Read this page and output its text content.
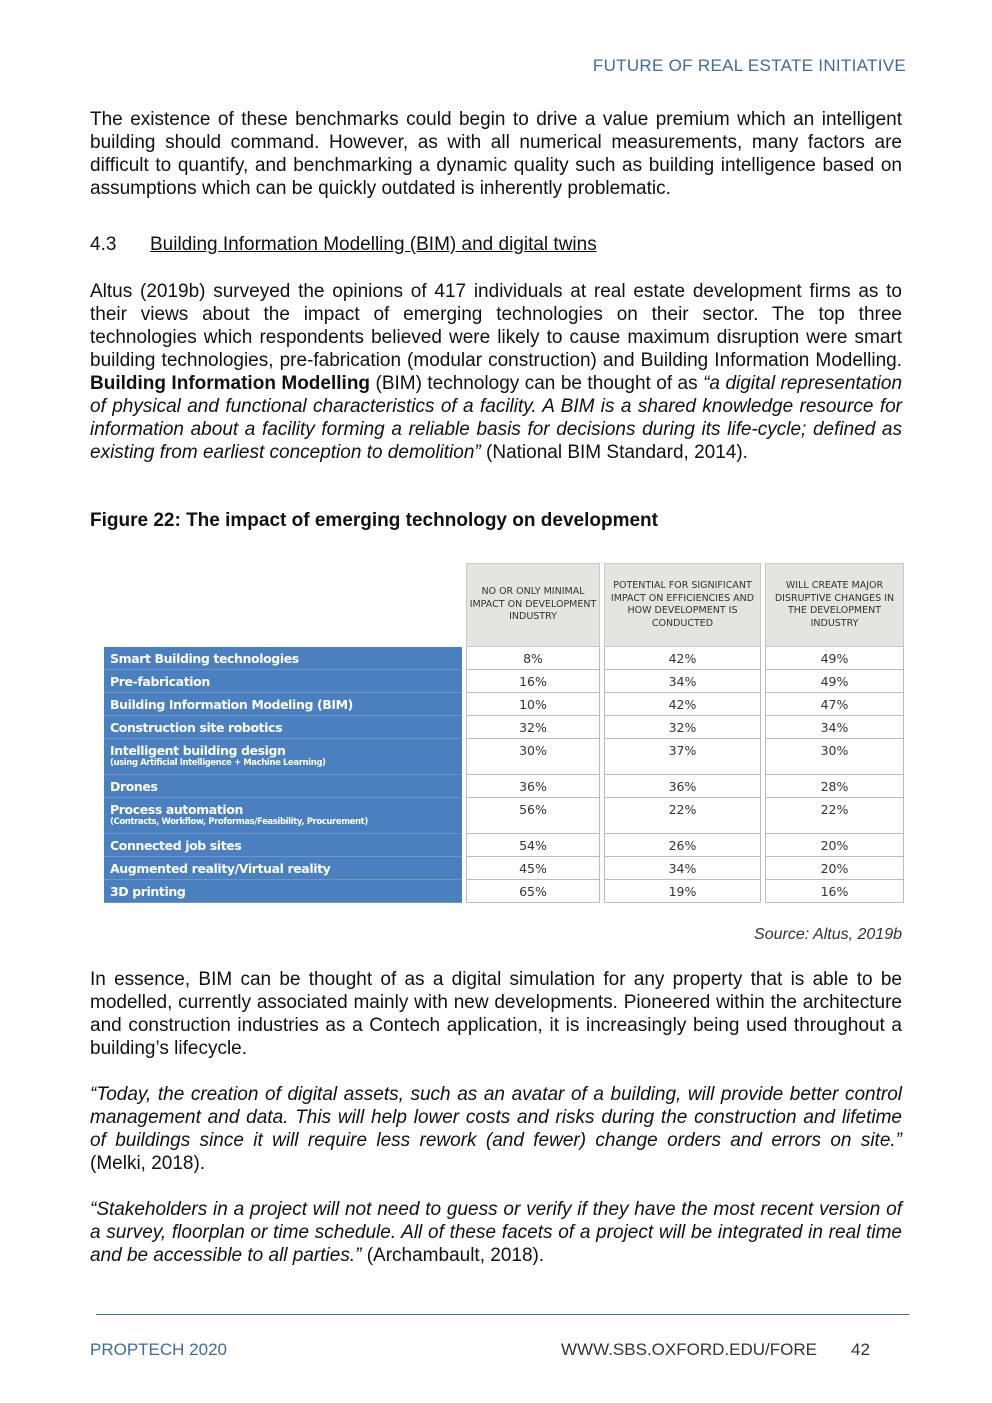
FUTURE OF REAL ESTATE INITIATIVE

The existence of these benchmarks could begin to drive a value premium which an intelligent building should command. However, as with all numerical measurements, many factors are difficult to quantify, and benchmarking a dynamic quality such as building intelligence based on assumptions which can be quickly outdated is inherently problematic.

4.3 Building Information Modelling (BIM) and digital twins

Altus (2019b) surveyed the opinions of 417 individuals at real estate development firms as to their views about the impact of emerging technologies on their sector. The top three technologies which respondents believed were likely to cause maximum disruption were smart building technologies, pre-fabrication (modular construction) and Building Information Modelling. Building Information Modelling (BIM) technology can be thought of as “a digital representation of physical and functional characteristics of a facility. A BIM is a shared knowledge resource for information about a facility forming a reliable basis for decisions during its life-cycle; defined as existing from earliest conception to demolition” (National BIM Standard, 2014).

Figure 22: The impact of emerging technology on development
	NO OR ONLY MINIMAL IMPACT ON DEVELOPMENT INDUSTRY	POTENTIAL FOR SIGNIFICANT IMPACT ON EFFICIENCIES AND HOW DEVELOPMENT IS CONDUCTED	WILL CREATE MAJOR DISRUPTIVE CHANGES IN THE DEVELOPMENT INDUSTRY
Smart Building technologies	8%	42%	49%
Pre-fabrication	16%	34%	49%
Building Information Modeling (BIM)	10%	42%	47%
Construction site robotics	32%	32%	34%
Intelligent building design
(using Artificial Intelligence + Machine Learning)	30%	37%	30%
Drones	36%	36%	28%
Process automation
(Contracts, Workflow, Proformas/Feasibility, Procurement)	56%	22%	22%
Connected job sites	54%	26%	20%
Augmented reality/Virtual reality	45%	34%	20%
3D printing	65%	19%	16%
Source: Altus, 2019b

In essence, BIM can be thought of as a digital simulation for any property that is able to be modelled, currently associated mainly with new developments. Pioneered within the architecture and construction industries as a Contech application, it is increasingly being used throughout a building’s lifecycle.

“Today, the creation of digital assets, such as an avatar of a building, will provide better control management and data. This will help lower costs and risks during the construction and lifetime of buildings since it will require less rework (and fewer) change orders and errors on site.” (Melki, 2018).

“Stakeholders in a project will not need to guess or verify if they have the most recent version of a survey, floorplan or time schedule. All of these facets of a project will be integrated in real time and be accessible to all parties.” (Archambault, 2018).

PROPTECH 2020	WWW.SBS.OXFORD.EDU/FORE 42
